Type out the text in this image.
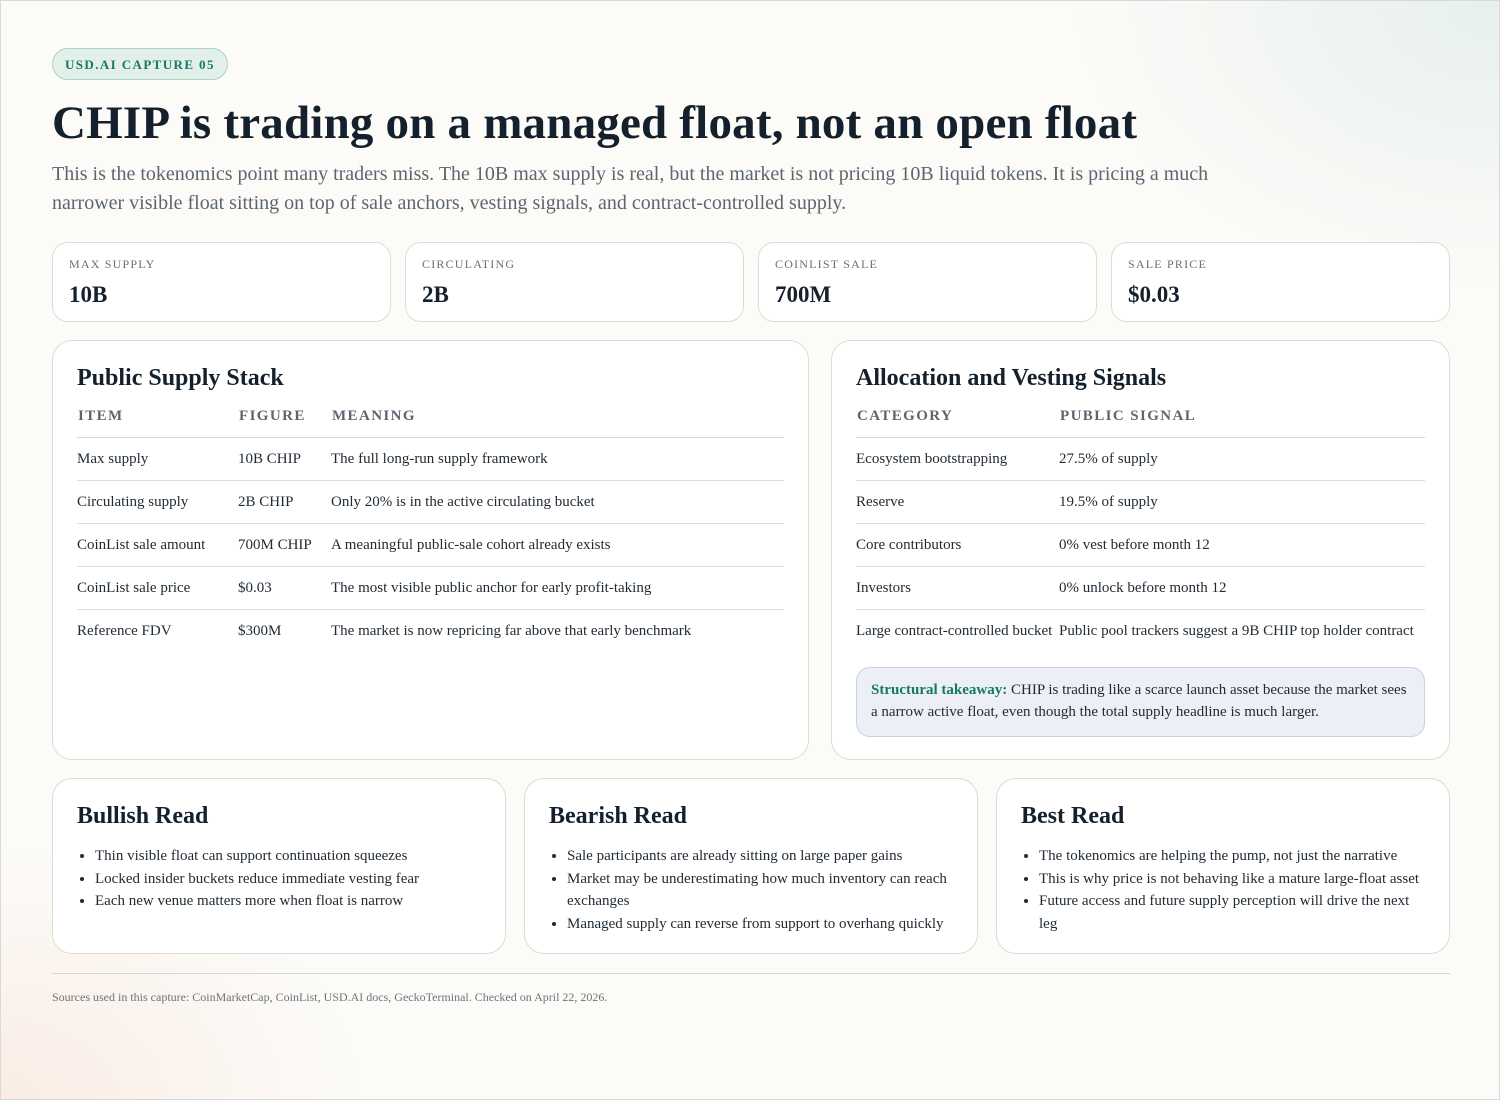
USD.AI CAPTURE 05
CHIP is trading on a managed float, not an open float
This is the tokenomics point many traders miss. The 10B max supply is real, but the market is not pricing 10B liquid tokens. It is pricing a much narrower visible float sitting on top of sale anchors, vesting signals, and contract-controlled supply.
MAX SUPPLY
10B
CIRCULATING
2B
COINLIST SALE
700M
SALE PRICE
$0.03
Public Supply Stack
ITEM	FIGURE	MEANING
Max supply	10B CHIP	The full long-run supply framework
Circulating supply	2B CHIP	Only 20% is in the active circulating bucket
CoinList sale amount	700M CHIP	A meaningful public-sale cohort already exists
CoinList sale price	$0.03	The most visible public anchor for early profit-taking
Reference FDV	$300M	The market is now repricing far above that early benchmark
Allocation and Vesting Signals
CATEGORY	PUBLIC SIGNAL
Ecosystem bootstrapping	27.5% of supply
Reserve	19.5% of supply
Core contributors	0% vest before month 12
Investors	0% unlock before month 12
Large contract-controlled bucket	Public pool trackers suggest a 9B CHIP top holder contract
Structural takeaway: CHIP is trading like a scarce launch asset because the market sees a narrow active float, even though the total supply headline is much larger.
Bullish Read
• Thin visible float can support continuation squeezes
• Locked insider buckets reduce immediate vesting fear
• Each new venue matters more when float is narrow
Bearish Read
• Sale participants are already sitting on large paper gains
• Market may be underestimating how much inventory can reach exchanges
• Managed supply can reverse from support to overhang quickly
Best Read
• The tokenomics are helping the pump, not just the narrative
• This is why price is not behaving like a mature large-float asset
• Future access and future supply perception will drive the next leg
Sources used in this capture: CoinMarketCap, CoinList, USD.AI docs, GeckoTerminal. Checked on April 22, 2026.
